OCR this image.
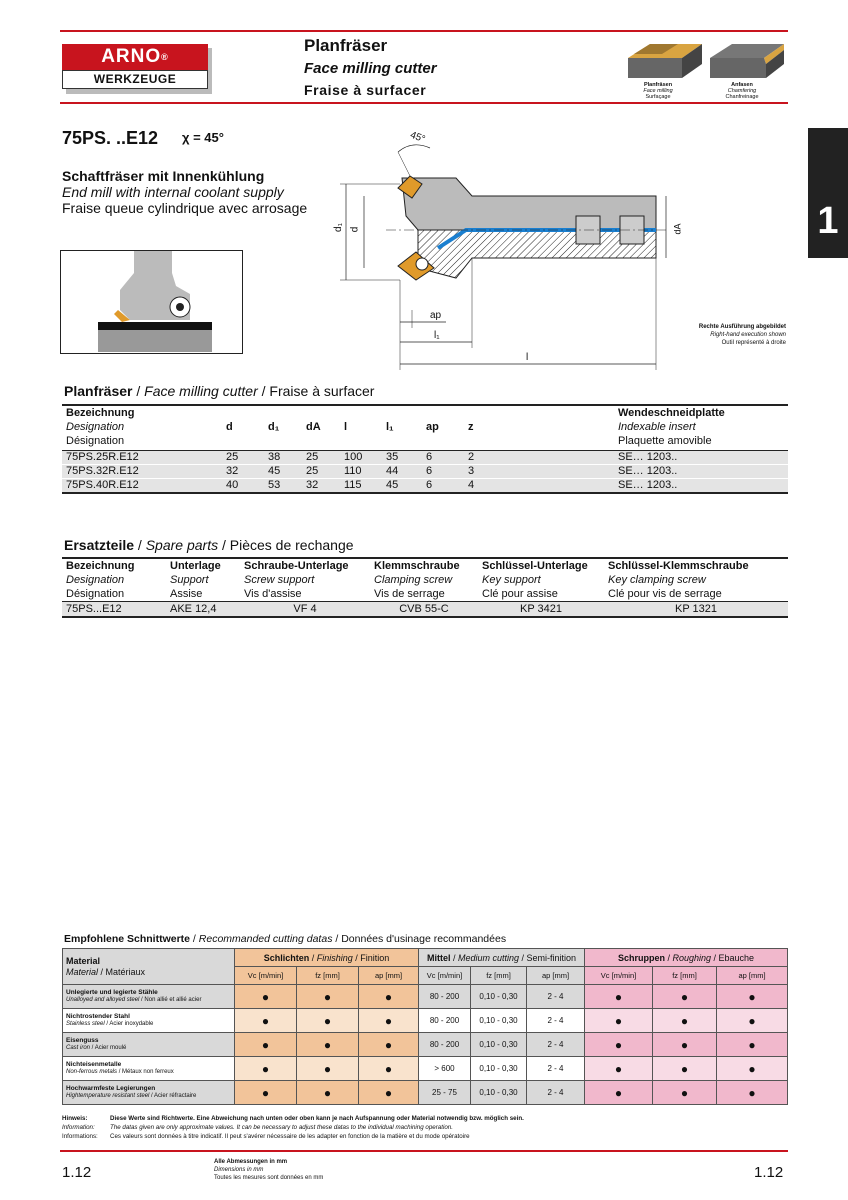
ARNO®
WERKZEUGE
Planfräser
Face milling cutter
Fraise à surfacer	Planfräsen
Face milling
Surfaçage
Anfasen
Chamfering
Chanfreinage
1
75PS. ..E12 χ = 45°
Schaftfräser mit Innenkühlung
End mill with internal coolant supply
Fraise queue cylindrique avec arrosage
45°
d₁ d	dA
ap
l₁
l
Rechte Ausführung abgebildet
Right-hand execution shown
Outil représenté à droite
Planfräser / Face milling cutter / Fraise à surfacer
Bezeichnung								Wendeschneidplatte
Designation	d	d₁	dA	l	l₁	ap	z	Indexable insert
Désignation								Plaquette amovible
75PS.25R.E12	25	38	25	100	35	6	2	SE… 1203..
75PS.32R.E12	32	45	25	110	44	6	3	SE… 1203..
75PS.40R.E12	40	53	32	115	45	6	4	SE… 1203..
Ersatzteile / Spare parts / Pièces de rechange
Bezeichnung	Unterlage	Schraube-Unterlage	Klemmschraube	Schlüssel-Unterlage	Schlüssel-Klemmschraube
Designation	Support	Screw support	Clamping screw	Key support	Key clamping screw
Désignation	Assise	Vis d'assise	Vis de serrage	Clé pour assise	Clé pour vis de serrage
75PS...E12	AKE 12,4	VF 4	CVB 55-C	KP 3421	KP 1321
Empfohlene Schnittwerte / Recommanded cutting datas / Données d'usinage recommandées
Material
Material / Matériaux	Schlichten / Finishing / Finition			Mittel / Medium cutting / Semi-finition			Schruppen / Roughing / Ebauche		
	Vc [m/min]	fz [mm]	ap [mm]	Vc [m/min]	fz [mm]	ap [mm]	Vc [m/min]	fz [mm]	ap [mm]
Unlegierte und legierte Stähle
Unalloyed and alloyed steel / Non allié et allié acier	●	●	●	80 - 200	0,10 - 0,30	2 - 4	●	●	●
Nichtrostender Stahl
Stainless steel / Acier inoxydable	●	●	●	80 - 200	0,10 - 0,30	2 - 4	●	●	●
Eisenguss
Cast iron / Acier moulé	●	●	●	80 - 200	0,10 - 0,30	2 - 4	●	●	●
Nichteisenmetalle
Non-ferrous metals / Métaux non ferreux	●	●	●	> 600	0,10 - 0,30	2 - 4	●	●	●
Hochwarmfeste Legierungen
Hightemperature resistant steel / Acier réfractaire	●	●	●	25 - 75	0,10 - 0,30	2 - 4	●	●	●
Hinweis:	Diese Werte sind Richtwerte. Eine Abweichung nach unten oder oben kann je nach Aufspannung oder Material notwendig bzw. möglich sein.
Information: The datas given are only approximate values. It can be necessary to adjust these datas to the individual machining operation.
Informations: Ces valeurs sont données à titre indicatif. Il peut s'avérer nécessaire de les adapter en fonction de la matière et du mode opératoire
1.12	1.12
Alle Abmessungen in mm
Dimensions in mm
Toutes les mesures sont données en mm
